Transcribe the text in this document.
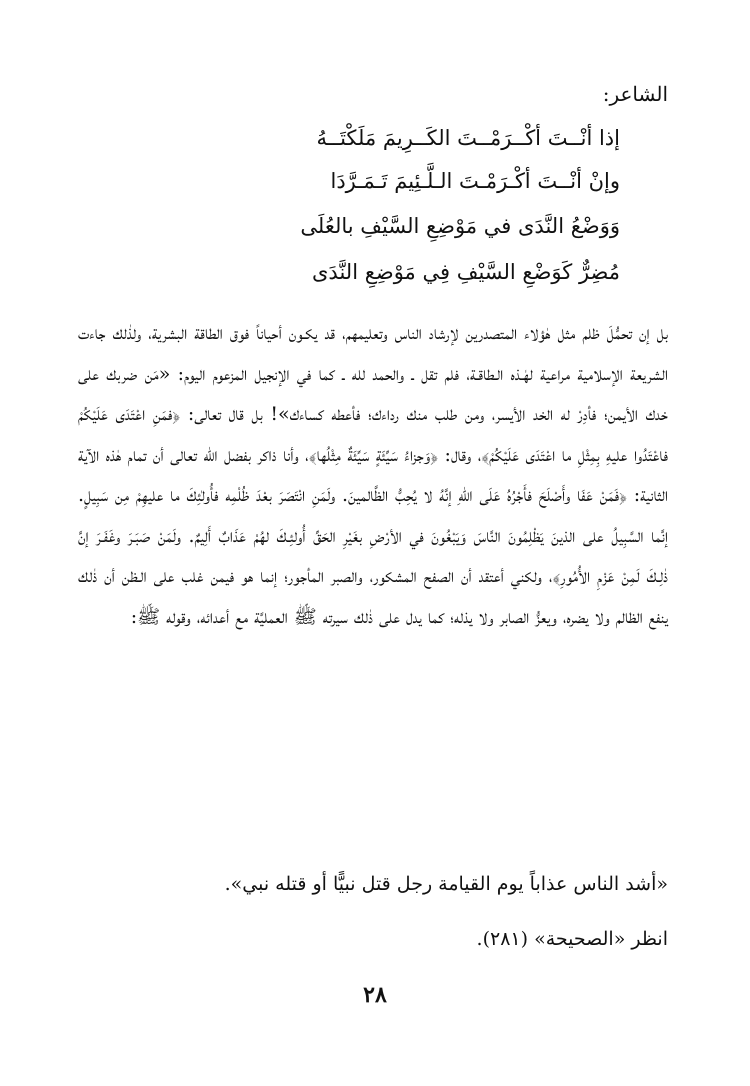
الشاعر:
إذا أنْــتَ أكْــرَمْــتَ الكَــرِيمَ مَلَكْتَــهُ
وإنْ أنْــتَ أكْـرَمْـتَ الـلَّـئِيمَ تَـمَـرَّدَا
وَوَضْعُ النَّدَى في مَوْضِعِ السَّيْفِ بالعُلَى
مُضِرٌّ كَوَضْعِ السَّيْفِ فِي مَوْضِعِ النَّدَى

بل إن تحمُّلَ ظلم مثل هٰؤلاء المتصدرين لإرشاد الناس وتعليمهم، قد يكـون أحياناً فوق الطاقة البشرية، ولذٰلك جاءت الشريعة الإسلامية مراعية لهٰـذه الـطاقـة، فلم تقل ـ والحمد لله ـ كما في الإنجيل المزعوم اليوم: «مَن ضربك على خدك الأيمن؛ فأدِرْ له الخد الأيسر، ومن طلب منك رداءك؛ فأعطه كساءك»! بل قال تعالى: ﴿فمَنِ اعْتَدَى عَلَيْكُمْ فاعْتَدُوا عليهِ بِمِثْلِ ما اعْتَدَى عَلَيْكُمْ﴾، وقال: ﴿وَجزاءُ سَيِّئَةٍ سَيِّئَةٌ مِثْلُها﴾، وأنا ذاكر بفضل الله تعالى أن تمام هٰذه الآية الثانية: ﴿فَمَنْ عَفَا وأَصْلَحَ فأَجْرُهُ عَلَى اللهِ إنَّهُ لا يُحِبُّ الظَّالمينَ. ولَمَنِ انْتَصَرَ بعْدَ ظُلْمِه فأُولٰئِكَ ما عليهِمْ مِن سَبِيلٍ. إنَّما السَّبِيلُ على الذينَ يَظْلِمُونَ النَّاسَ وَيَبْغُونَ في الأرْضِ بغَيْرِ الحَقِّ أُولئِـكَ لهُمْ عَذَابٌ أَلِيمٌ. ولَمَنْ صَبَـرَ وغَفَـرَ إنَّ ذٰلِـكَ لَمِنْ عَزْمِ الأُمُورِ﴾، ولكني أعتقد أن الصفح المشكور، والصبر المأجور؛ إنما هو فيمن غلب على الـظن أن ذٰلك ينفع الظالم ولا يضره، ويعزُّ الصابر ولا يذله؛ كما يدل على ذٰلك سيرته ﷺ العمليَّة مع أعدائه، وقوله ﷺ:

«أشد الناس عذاباً يوم القيامة رجل قتل نبيًّا أو قتله نبي».
انظر «الصحيحة» (٢٨١).
٢٨
